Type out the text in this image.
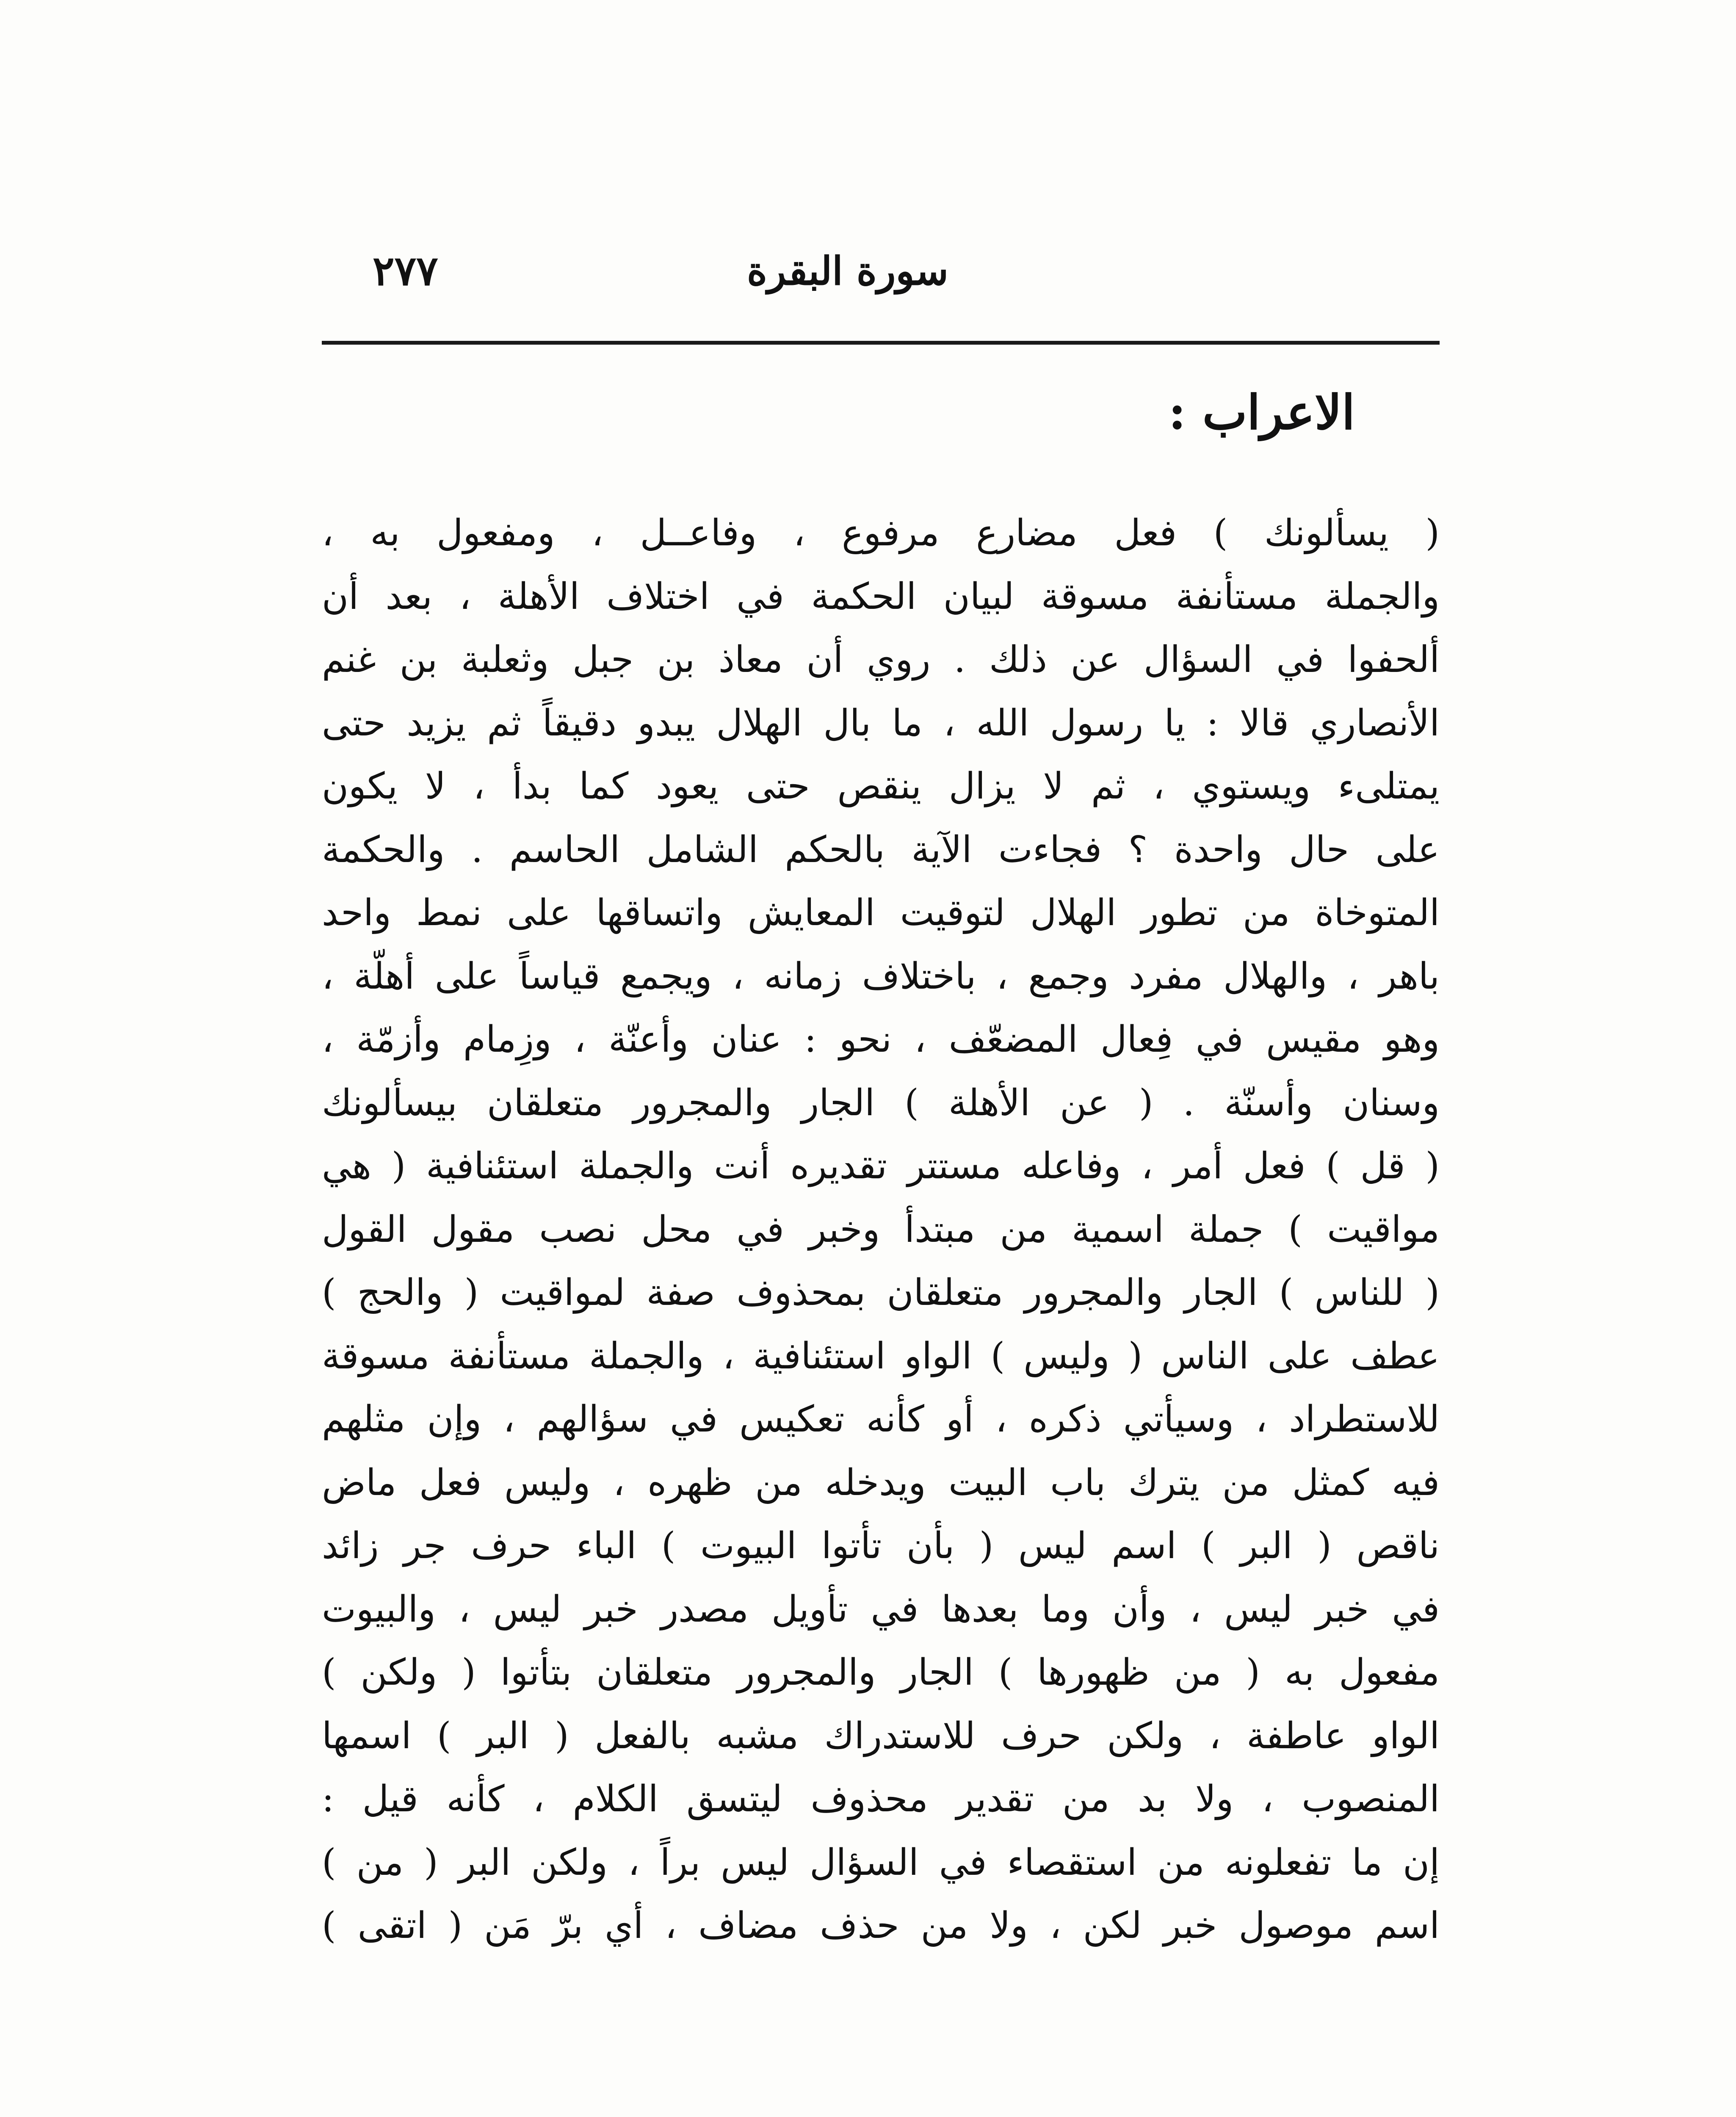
سورة البقرة
٢٧٧
الاعراب :
( يسألونك ) فعل مضارع مرفوع ، وفاعــل ، ومفعول به ،
والجملة مستأنفة مسوقة لبيان الحكمة في اختلاف الأهلة ، بعد أن
ألحفوا في السؤال عن ذلك . روي أن معاذ بن جبل وثعلبة بن غنم
الأنصاري قالا : يا رسول الله ، ما بال الهلال يبدو دقيقاً ثم يزيد حتى
يمتلىء ويستوي ، ثم لا يزال ينقص حتى يعود كما بدأ ، لا يكون
على حال واحدة ؟ فجاءت الآية بالحكم الشامل الحاسم . والحكمة
المتوخاة من تطور الهلال لتوقيت المعايش واتساقها على نمط واحد
باهر ، والهلال مفرد وجمع ، باختلاف زمانه ، ويجمع قياساً على أهلّة ،
وهو مقيس في فِعال المضعّف ، نحو : عنان وأعنّة ، وزِمام وأزمّة ،
وسنان وأسنّة . ( عن الأهلة ) الجار والمجرور متعلقان بيسألونك
( قل ) فعل أمر ، وفاعله مستتر تقديره أنت والجملة استئنافية ( هي
مواقيت ) جملة اسمية من مبتدأ وخبر في محل نصب مقول القول
( للناس ) الجار والمجرور متعلقان بمحذوف صفة لمواقيت ( والحج )
عطف على الناس ( وليس ) الواو استئنافية ، والجملة مستأنفة مسوقة
للاستطراد ، وسيأتي ذكره ، أو كأنه تعكيس في سؤالهم ، وإن مثلهم
فيه كمثل من يترك باب البيت ويدخله من ظهره ، وليس فعل ماض
ناقص ( البر ) اسم ليس ( بأن تأتوا البيوت ) الباء حرف جر زائد
في خبر ليس ، وأن وما بعدها في تأويل مصدر خبر ليس ، والبيوت
مفعول به ( من ظهورها ) الجار والمجرور متعلقان بتأتوا ( ولكن )
الواو عاطفة ، ولكن حرف للاستدراك مشبه بالفعل ( البر ) اسمها
المنصوب ، ولا بد من تقدير محذوف ليتسق الكلام ، كأنه قيل :
إن ما تفعلونه من استقصاء في السؤال ليس براً ، ولكن البر ( من )
اسم موصول خبر لكن ، ولا من حذف مضاف ، أي برّ مَن ( اتقى )
